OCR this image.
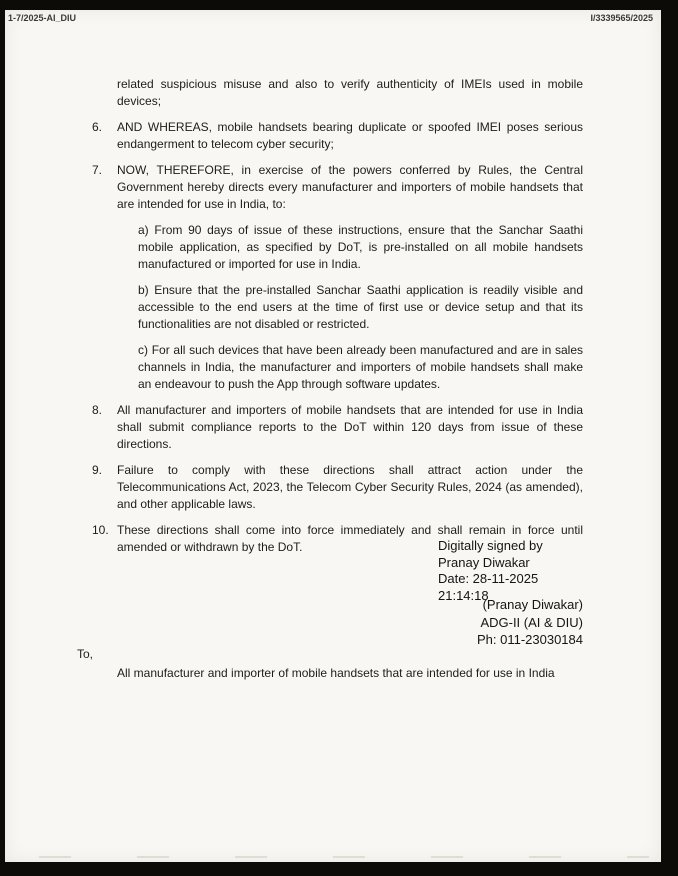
1-7/2025-AI_DIU	I/3339565/2025

related suspicious misuse and also to verify authenticity of IMEIs used in mobile devices;

6.	AND WHEREAS, mobile handsets bearing duplicate or spoofed IMEI poses serious endangerment to telecom cyber security;

7.	NOW, THEREFORE, in exercise of the powers conferred by Rules, the Central Government hereby directs every manufacturer and importers of mobile handsets that are intended for use in India, to:

a) From 90 days of issue of these instructions, ensure that the Sanchar Saathi mobile application, as specified by DoT, is pre-installed on all mobile handsets manufactured or imported for use in India.

b) Ensure that the pre-installed Sanchar Saathi application is readily visible and accessible to the end users at the time of first use or device setup and that its functionalities are not disabled or restricted.

c) For all such devices that have been already been manufactured and are in sales channels in India, the manufacturer and importers of mobile handsets shall make an endeavour to push the App through software updates.

8.	All manufacturer and importers of mobile handsets that are intended for use in India shall submit compliance reports to the DoT within 120 days from issue of these directions.

9.	Failure to comply with these directions shall attract action under the Telecommunications Act, 2023, the Telecom Cyber Security Rules, 2024 (as amended), and other applicable laws.

10. These directions shall come into force immediately and shall remain in force until amended or withdrawn by the DoT.	Digitally signed by
Pranay Diwakar
Date: 28-11-2025
21:14:18
(Pranay Diwakar)
ADG-II (AI & DIU)
Ph: 011-23030184
To,
All manufacturer and importer of mobile handsets that are intended for use in India
